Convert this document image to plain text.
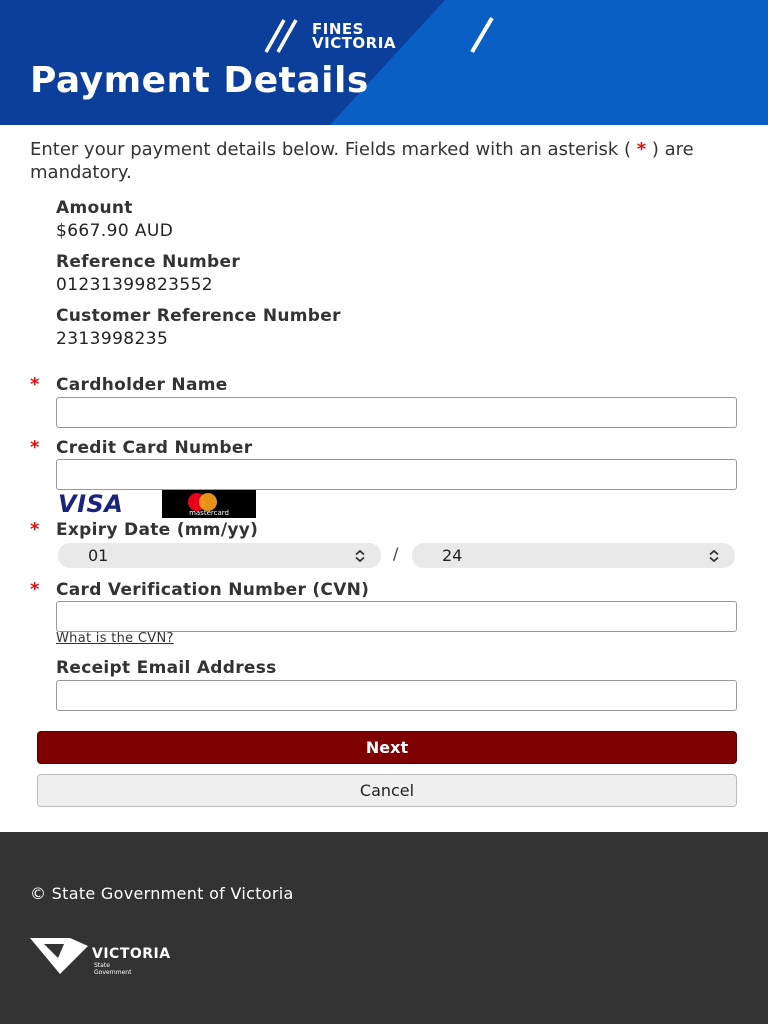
FINES
VICTORIA
Payment Details
Enter your payment details below. Fields marked with an asterisk ( * ) are mandatory.
Amount
$667.90 AUD
Reference Number
01231399823552
Customer Reference Number
2313998235
* Cardholder Name
* Credit Card Number
VISA	mastercard
* Expiry Date (mm/yy)
01	/	24
* Card Verification Number (CVN)
What is the CVN?
Receipt Email Address
Next
Cancel
© State Government of Victoria
VICTORIA
State
Government
